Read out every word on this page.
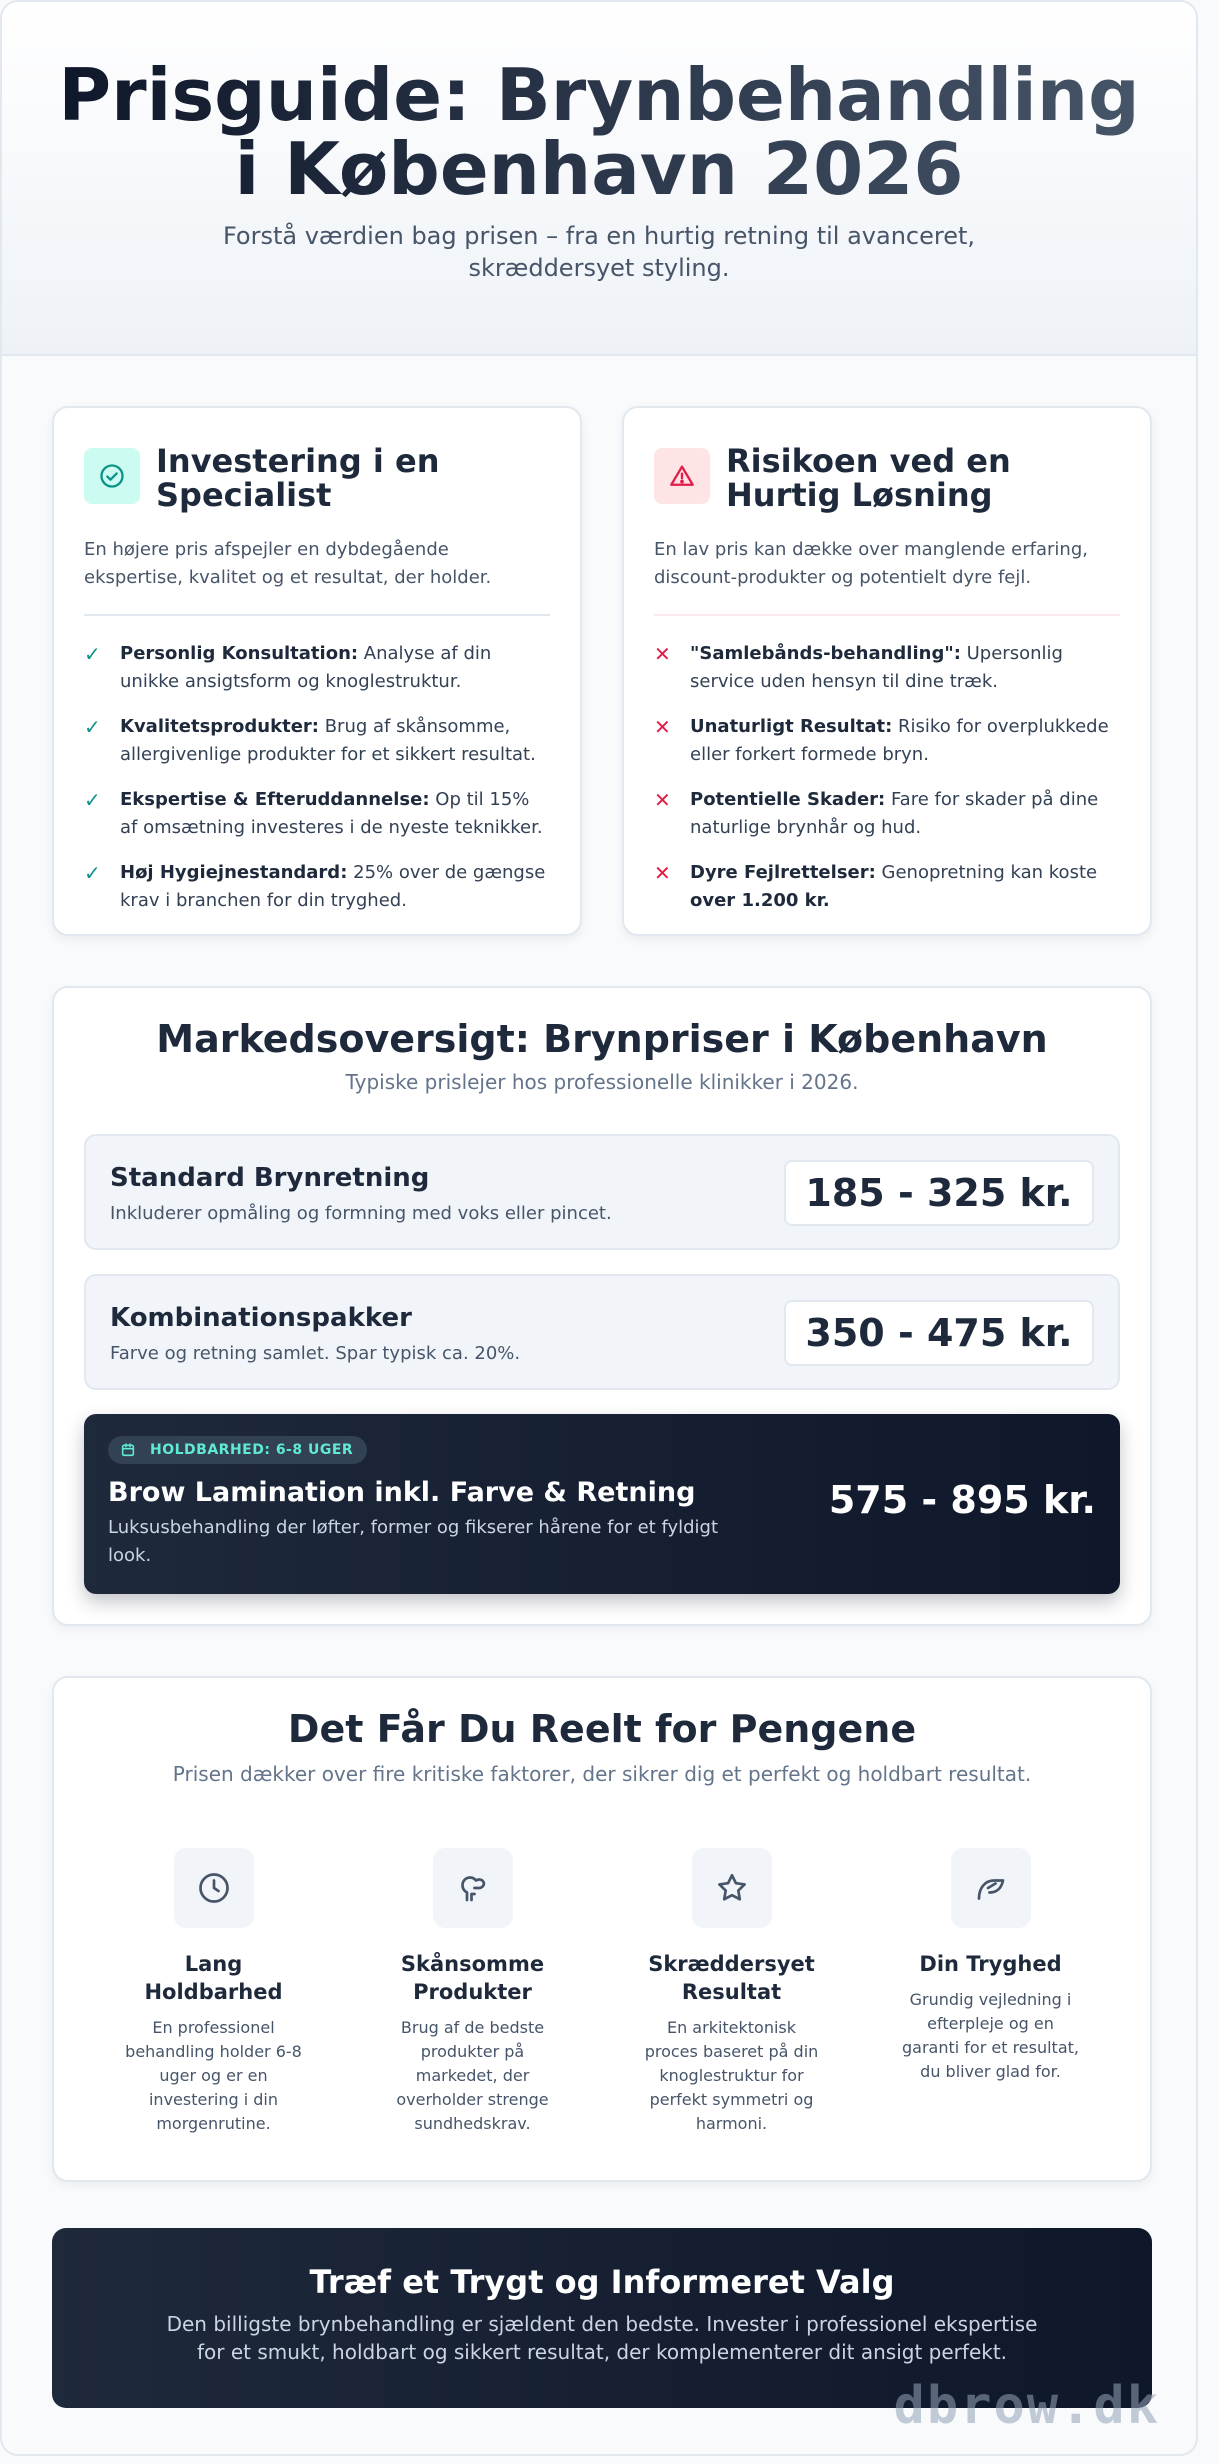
Prisguide: Brynbehandling
i København 2026

Forstå værdien bag prisen – fra en hurtig retning til avanceret, skræddersyet styling.

Investering i en Specialist

En højere pris afspejler en dybdegående ekspertise, kvalitet og et resultat, der holder.

✓	Personlig Konsultation: Analyse af din unikke ansigtsform og knoglestruktur.
✓	Kvalitetsprodukter: Brug af skånsomme, allergivenlige produkter for et sikkert resultat.
✓	Ekspertise & Efteruddannelse: Op til 15% af omsætning investeres i de nyeste teknikker.
✓	Høj Hygiejnestandard: 25% over de gængse krav i branchen for din tryghed.
Risikoen ved en Hurtig Løsning

En lav pris kan dække over manglende erfaring, discount-produkter og potentielt dyre fejl.

✕	"Samlebånds-behandling": Upersonlig service uden hensyn til dine træk.
✕	Unaturligt Resultat: Risiko for overplukkede eller forkert formede bryn.
✕	Potentielle Skader: Fare for skader på dine naturlige brynhår og hud.
✕	Dyre Fejlrettelser: Genopretning kan koste over 1.200 kr.
Markedsoversigt: Brynpriser i København

Typiske prislejer hos professionelle klinikker i 2026.

Standard Brynretning
Inkluderer opmåling og formning med voks eller pincet.	185 - 325 kr.
Kombinationspakker
Farve og retning samlet. Spar typisk ca. 20%.	350 - 475 kr.
HOLDBARHED: 6-8 UGER
Brow Lamination inkl. Farve & Retning
Luksusbehandling der løfter, former og fikserer hårene for et fyldigt look.
575 - 895 kr.
Det Får Du Reelt for Pengene

Prisen dækker over fire kritiske faktorer, der sikrer dig et perfekt og holdbart resultat.

Lang Holdbarhed
En professionel behandling holder 6-8 uger og er en investering i din morgenrutine.
Skånsomme Produkter
Brug af de bedste produkter på markedet, der overholder strenge sundhedskrav.
Skræddersyet Resultat
En arkitektonisk proces baseret på din knoglestruktur for perfekt symmetri og harmoni.
Din Tryghed
Grundig vejledning i efterpleje og en garanti for et resultat, du bliver glad for.
Træf et Trygt og Informeret Valg

Den billigste brynbehandling er sjældent den bedste. Invester i professionel ekspertise for et smukt, holdbart og sikkert resultat, der komplementerer dit ansigt perfekt.

dbrow.dk
